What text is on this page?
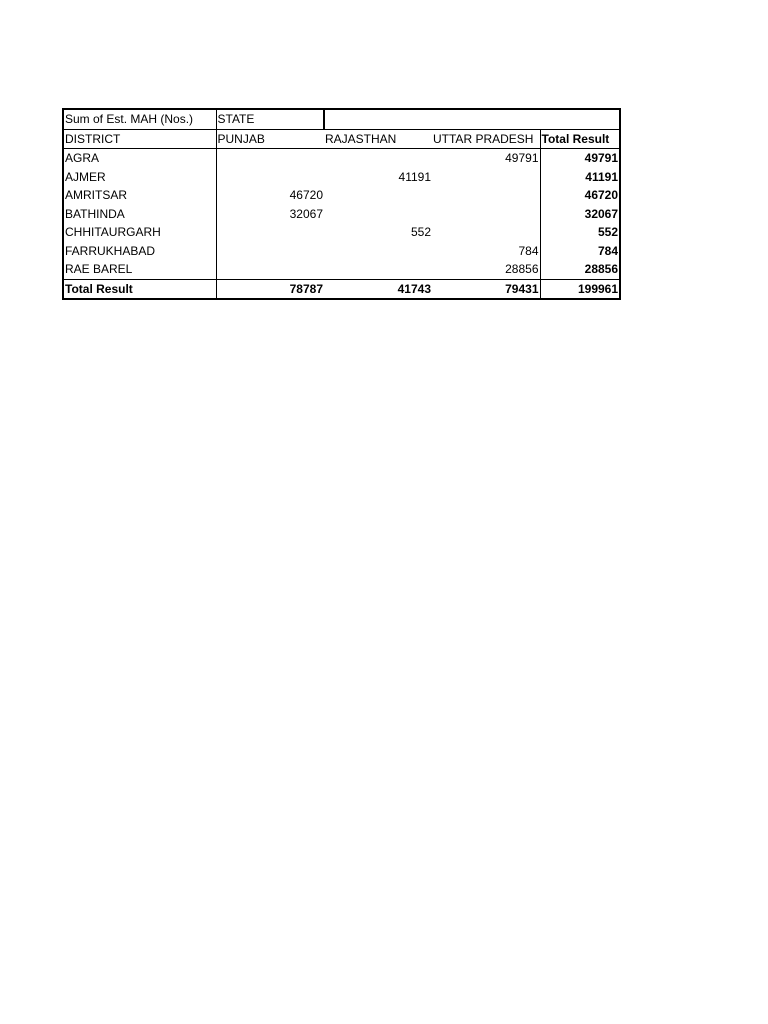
Sum of Est. MAH (Nos.)	STATE			
DISTRICT	PUNJAB	RAJASTHAN	UTTAR PRADESH	Total Result
AGRA			49791	49791
AJMER		41191		41191
AMRITSAR	46720			46720
BATHINDA	32067			32067
CHHITAURGARH		552		552
FARRUKHABAD			784	784
RAE BAREL			28856	28856
Total Result	78787	41743	79431	199961
